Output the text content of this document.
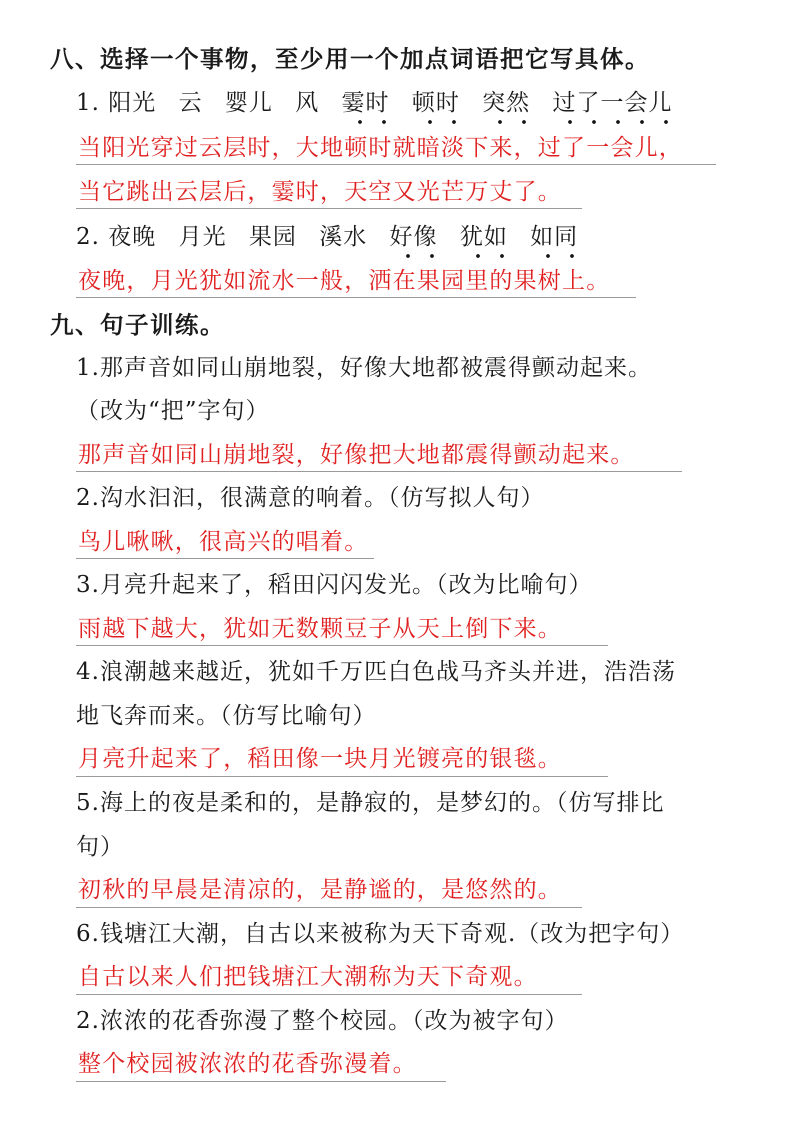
八、选择一个事物，至少用一个加点词语把它写具体。
1. 阳光 云 婴儿 风 霎时 顿时 突然 过了一会儿
当阳光穿过云层时，大地顿时就暗淡下来，过了一会儿，
当它跳出云层后，霎时，天空又光芒万丈了。
2. 夜晚 月光 果园 溪水 好像 犹如 如同
夜晚，月光犹如流水一般，洒在果园里的果树上。
九、句子训练。
1.那声音如同山崩地裂，好像大地都被震得颤动起来。
（改为“把”字句）
那声音如同山崩地裂，好像把大地都震得颤动起来。
2.沟水汩汩，很满意的响着。（仿写拟人句）
鸟儿啾啾，很高兴的唱着。
3.月亮升起来了，稻田闪闪发光。（改为比喻句）
雨越下越大，犹如无数颗豆子从天上倒下来。
4.浪潮越来越近，犹如千万匹白色战马齐头并进，浩浩荡
地飞奔而来。（仿写比喻句）
月亮升起来了，稻田像一块月光镀亮的银毯。
5.海上的夜是柔和的，是静寂的，是梦幻的。（仿写排比
句）
初秋的早晨是清凉的，是静谧的，是悠然的。
6.钱塘江大潮，自古以来被称为天下奇观.（改为把字句）
自古以来人们把钱塘江大潮称为天下奇观。
2.浓浓的花香弥漫了整个校园。（改为被字句）
整个校园被浓浓的花香弥漫着。
